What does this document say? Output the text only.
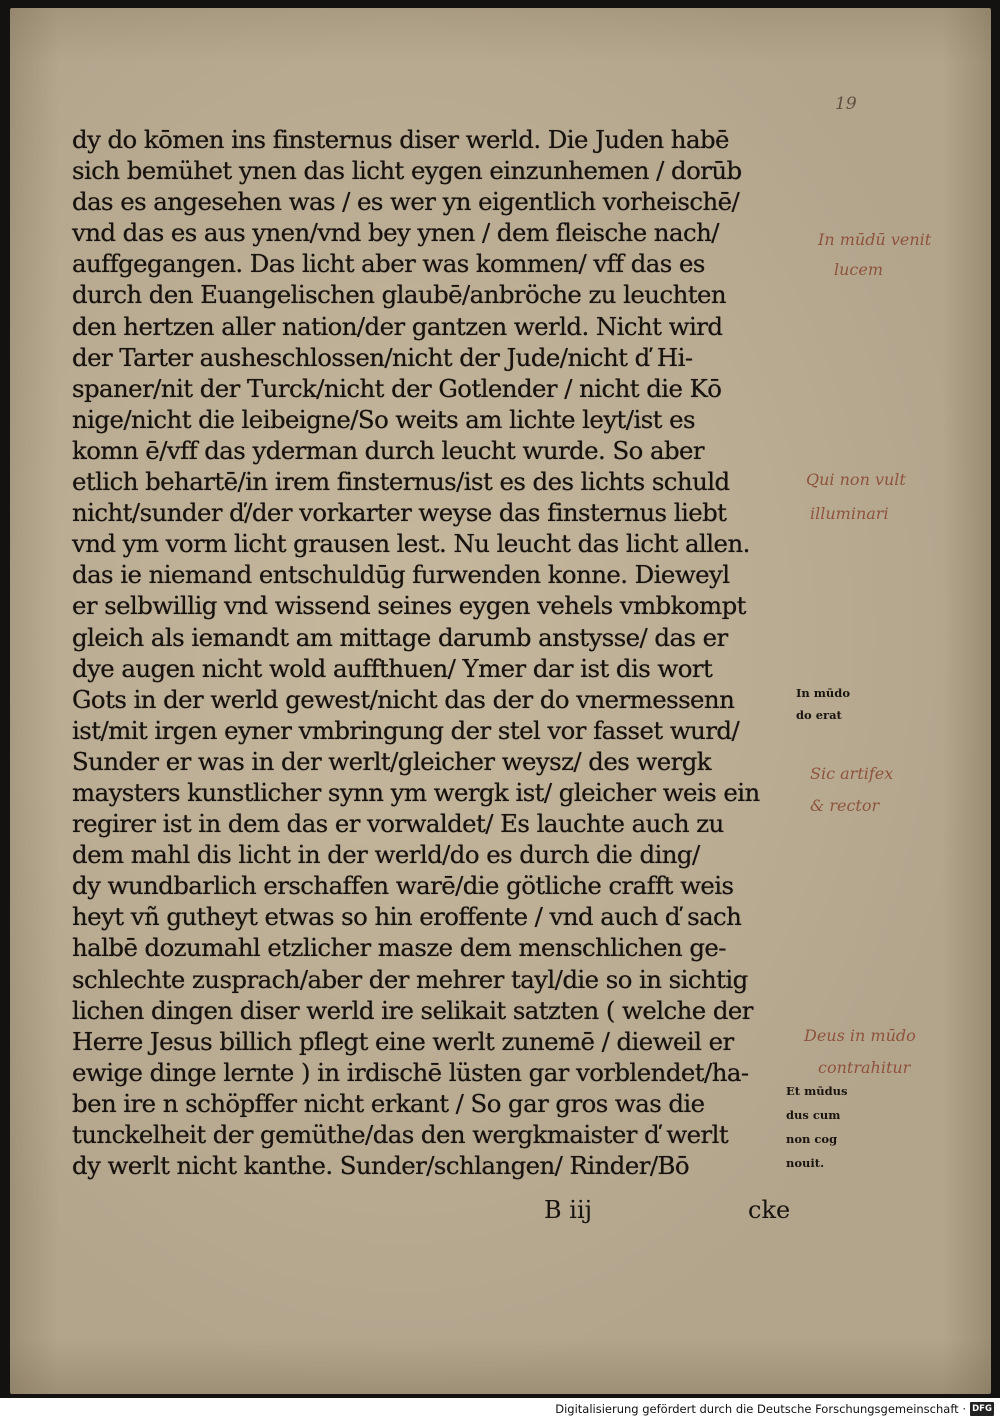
19
dy do kōmen ins finsternus diser werld. Die Juden habē
sich bemühet ynen das licht eygen einzunhemen / dorūb
das es angesehen was / es wer yn eigentlich vorheischē/
vnd das es aus ynen/vnd bey ynen / dem fleische nach/
auffgegangen. Das licht aber was kommen/ vff das es
durch den Euangelischen glaubē/anbröche zu leuchten
den hertzen aller nation/der gantzen werld. Nicht wird
der Tarter ausheschlossen/nicht der Jude/nicht ď Hi-
spaner/nit der Turck/nicht der Gotlender / nicht die Kō
nige/nicht die leibeigne/So weits am lichte leyt/ist es
komn ē/vff das yderman durch leucht wurde. So aber
etlich behartē/in irem finsternus/ist es des lichts schuld
nicht/sunder ď/der vorkarter weyse das finsternus liebt
vnd ym vorm licht grausen lest. Nu leucht das licht allen.
das ie niemand entschuldūg furwenden konne. Dieweyl
er selbwillig vnd wissend seines eygen vehels vmbkompt
gleich als iemandt am mittage darumb anstysse/ das er
dye augen nicht wold auffthuen/ Ymer dar ist dis wort
Gots in der werld gewest/nicht das der do vnermessenn
ist/mit irgen eyner vmbringung der stel vor fasset wurd/
Sunder er was in der werlt/gleicher weysz/ des wergk
maysters kunstlicher synn ym wergk ist/ gleicher weis ein
regirer ist in dem das er vorwaldet/ Es lauchte auch zu
dem mahl dis licht in der werld/do es durch die ding/
dy wundbarlich erschaffen warē/die götliche crafft weis
heyt vñ gutheyt etwas so hin eroffente / vnd auch ď sach
halbē dozumahl etzlicher masze dem menschlichen ge-
schlechte zusprach/aber der mehrer tayl/die so in sichtig
lichen dingen diser werld ire selikait satzten ( welche der
Herre Jesus billich pflegt eine werlt zunemē / dieweil er
ewige dinge lernte ) in irdischē lüsten gar vorblendet/ha-
ben ire n schöpffer nicht erkant / So gar gros was die
tunckelheit der gemüthe/das den wergkmaister ď werlt
dy werlt nicht kanthe. Sunder/schlangen/ Rinder/Bō
B iij	cke
In mūdū venit
lucem
Qui non vult
illuminari
In mūdo
do erat
Sic artifex
& rector
Deus in mūdo
contrahitur
Et mūdus
dus cum
non cog
nouit.
Digitalisierung gefördert durch die Deutsche Forschungsgemeinschaft · DFG
